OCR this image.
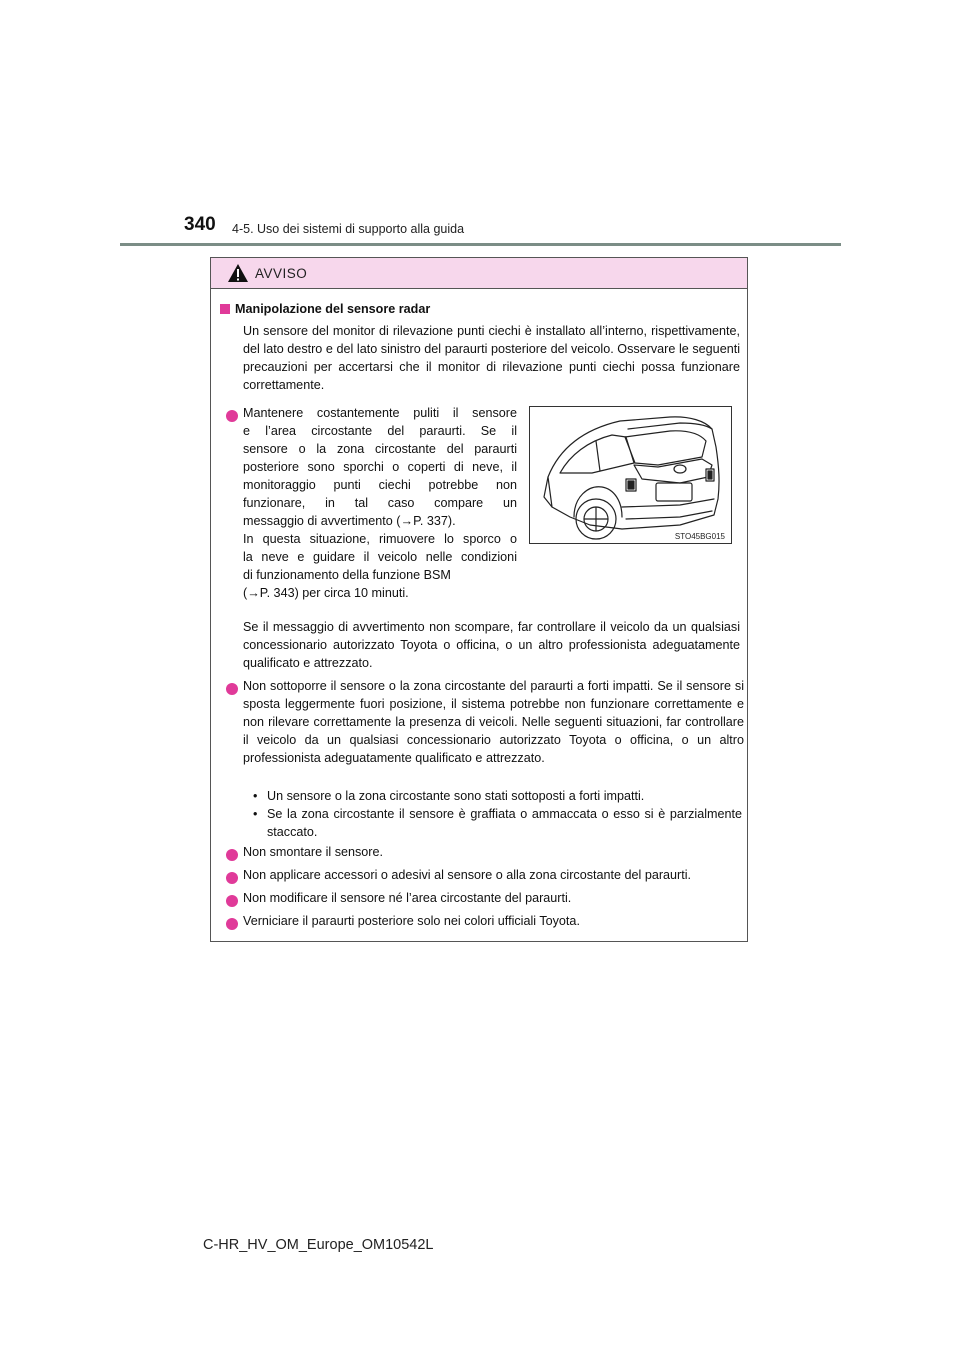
340 4-5. Uso dei sistemi di supporto alla guida
AVVISO
Manipolazione del sensore radar
Un sensore del monitor di rilevazione punti ciechi è installato all’interno, rispettivamente, del lato destro e del lato sinistro del paraurti posteriore del veicolo. Osservare le seguenti precauzioni per accertarsi che il monitor di rilevazione punti ciechi possa funzionare correttamente.
Mantenere costantemente puliti il sensore
e l’area circostante del paraurti. Se il
sensore o la zona circostante del paraurti
posteriore sono sporchi o coperti di neve, il
monitoraggio punti ciechi potrebbe non
funzionare, in tal caso compare un
messaggio di avvertimento (→P. 337).
In questa situazione, rimuovere lo sporco o
la neve e guidare il veicolo nelle condizioni
di funzionamento della funzione BSM
(→P. 343) per circa 10 minuti.
STO45BG015
Se il messaggio di avvertimento non scompare, far controllare il veicolo da un qualsiasi concessionario autorizzato Toyota o officina, o un altro professionista adeguatamente qualificato e attrezzato.
Non sottoporre il sensore o la zona circostante del paraurti a forti impatti. Se il sensore si sposta leggermente fuori posizione, il sistema potrebbe non funzionare correttamente e non rilevare correttamente la presenza di veicoli. Nelle seguenti situazioni, far controllare il veicolo da un qualsiasi concessionario autorizzato Toyota o officina, o un altro professionista adeguatamente qualificato e attrezzato.
• Un sensore o la zona circostante sono stati sottoposti a forti impatti.
• Se la zona circostante il sensore è graffiata o ammaccata o esso si è parzialmente staccato.
Non smontare il sensore.
Non applicare accessori o adesivi al sensore o alla zona circostante del paraurti.
Non modificare il sensore né l’area circostante del paraurti.
Verniciare il paraurti posteriore solo nei colori ufficiali Toyota.
C-HR_HV_OM_Europe_OM10542L
